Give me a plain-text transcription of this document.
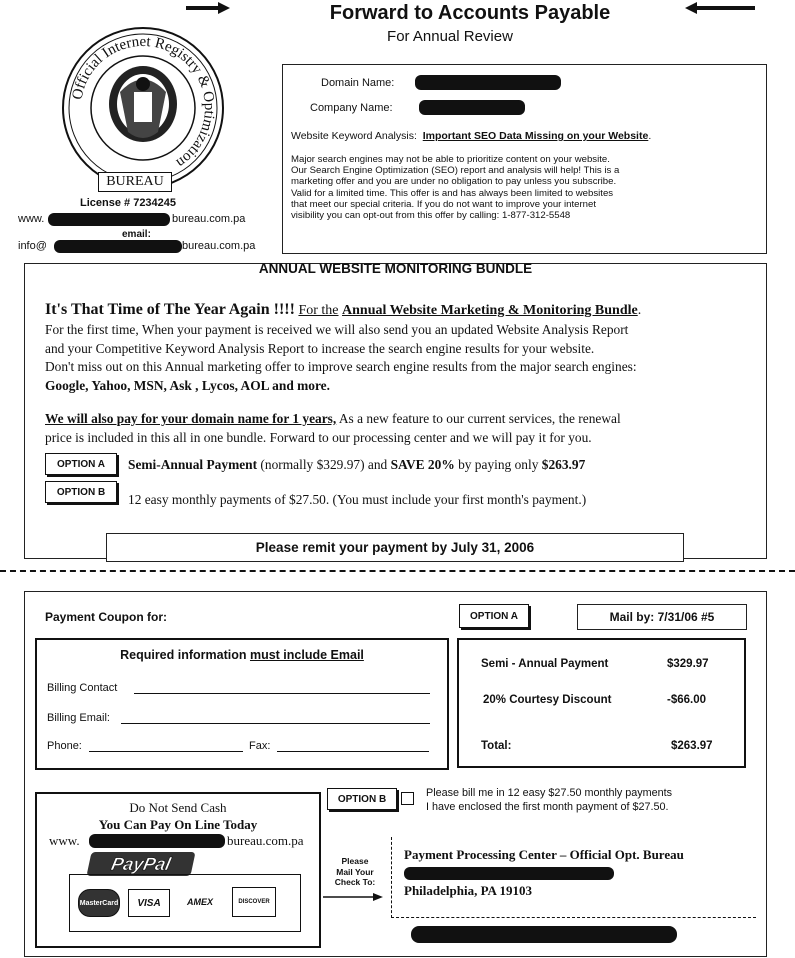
Forward to Accounts Payable
For Annual Review
Official Internet Registry & Optimization
BUREAU
License # 7234245
www.	bureau.com.pa
email:
info@	bureau.com.pa
Domain Name:
Company Name:
Website Keyword Analysis: Important SEO Data Missing on your Website.
Major search engines may not be able to prioritize content on your website.
Our Search Engine Optimization (SEO) report and analysis will help! This is a
marketing offer and you are under no obligation to pay unless you subscribe.
Valid for a limited time. This offer is and has always been limited to websites
that meet our special criteria. If you do not want to improve your internet
visibility you can opt-out from this offer by calling: 1-877-312-5548
ANNUAL WEBSITE MONITORING BUNDLE
It's That Time of The Year Again !!!! For the Annual Website Marketing & Monitoring Bundle.
For the first time, When your payment is received we will also send you an updated Website Analysis Report
and your Competitive Keyword Analysis Report to increase the search engine results for your website.
Don't miss out on this Annual marketing offer to improve search engine results from the major search engines:
Google, Yahoo, MSN, Ask , Lycos, AOL and more.
We will also pay for your domain name for 1 years, As a new feature to our current services, the renewal
price is included in this all in one bundle. Forward to our processing center and we will pay it for you.
OPTION A	Semi-Annual Payment (normally $329.97) and SAVE 20% by paying only $263.97
OPTION B	12 easy monthly payments of $27.50. (You must include your first month's payment.)
Please remit your payment by July 31, 2006
Payment Coupon for:	OPTION A	Mail by: 7/31/06 #5
Required information must include Email
Billing Contact
Billing Email:
Phone:	Fax:
Semi - Annual Payment	$329.97
20% Courtesy Discount	-$66.00
Total:	$263.97
OPTION B	Please bill me in 12 easy $27.50 monthly payments
I have enclosed the first month payment of $27.50.
Do Not Send Cash
You Can Pay On Line Today
www.	bureau.com.pa
PayPal
MasterCard	VISA	AMEX	DISCOVER
Please
Mail Your
Check To:
Payment Processing Center – Official Opt. Bureau
Philadelphia, PA 19103
